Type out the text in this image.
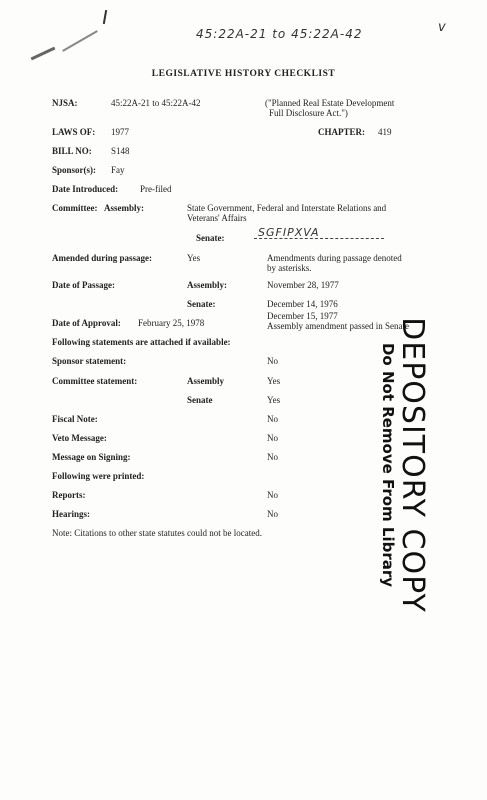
45:22A-21 to 45:22A-42	v
LEGISLATIVE HISTORY CHECKLIST
NJSA:	45:22A-21 to 45:22A-42	("Planned Real Estate Development
Full Disclosure Act.")
LAWS OF: 1977	CHAPTER: 419
BILL NO: S148
Sponsor(s): Fay
Date Introduced: Pre-filed
Committee: Assembly:	State Government, Federal and Interstate Relations and
Veterans' Affairs
Senate:	SGFIPXVA
Amended during passage:	Yes	Amendments during passage denoted
by asterisks.
Date of Passage:	Assembly:	November 28, 1977
Senate:	December 14, 1976
December 15, 1977
Assembly amendment passed in Senate
Date of Approval: February 25, 1978
Following statements are attached if available:
Sponsor statement:	No
Committee statement:	Assembly	Yes
Senate	Yes
Fiscal Note:	No
Veto Message:	No
Message on Signing:	No
Following were printed:
Reports:	No
Hearings:	No
Note: Citations to other state statutes could not be located.	DEPOSITORY COPY
Do Not Remove From Library
